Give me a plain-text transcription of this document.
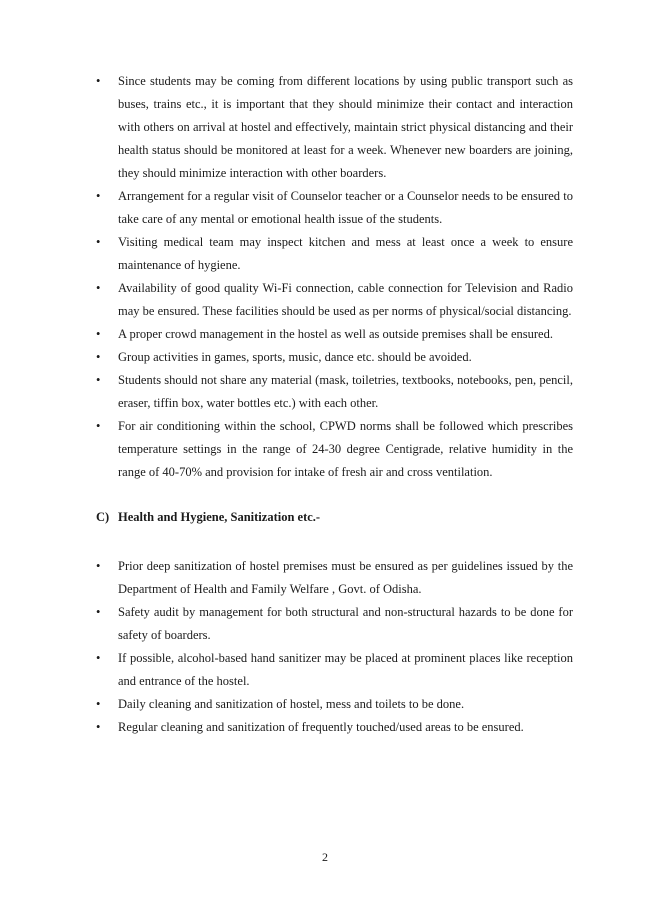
•	Since students may be coming from different locations by using public transport such as buses, trains etc., it is important that they should minimize their contact and interaction with others on arrival at hostel and effectively, maintain strict physical distancing and their health status should be monitored at least for a week. Whenever new boarders are joining, they should minimize interaction with other boarders.
•	Arrangement for a regular visit of Counselor teacher or a Counselor needs to be ensured to take care of any mental or emotional health issue of the students.
•	Visiting medical team may inspect kitchen and mess at least once a week to ensure maintenance of hygiene.
•	Availability of good quality Wi-Fi connection, cable connection for Television and Radio may be ensured. These facilities should be used as per norms of physical/social distancing.
•	A proper crowd management in the hostel as well as outside premises shall be ensured.
•	Group activities in games, sports, music, dance etc. should be avoided.
•	Students should not share any material (mask, toiletries, textbooks, notebooks, pen, pencil, eraser, tiffin box, water bottles etc.) with each other.
•	For air conditioning within the school, CPWD norms shall be followed which prescribes temperature settings in the range of 24-30 degree Centigrade, relative humidity in the range of 40-70% and provision for intake of fresh air and cross ventilation.
C) Health and Hygiene, Sanitization etc.-
•	Prior deep sanitization of hostel premises must be ensured as per guidelines issued by the Department of Health and Family Welfare , Govt. of Odisha.
•	Safety audit by management for both structural and non-structural hazards to be done for safety of boarders.
•	If possible, alcohol-based hand sanitizer may be placed at prominent places like reception and entrance of the hostel.
•	Daily cleaning and sanitization of hostel, mess and toilets to be done.
•	Regular cleaning and sanitization of frequently touched/used areas to be ensured.
2
